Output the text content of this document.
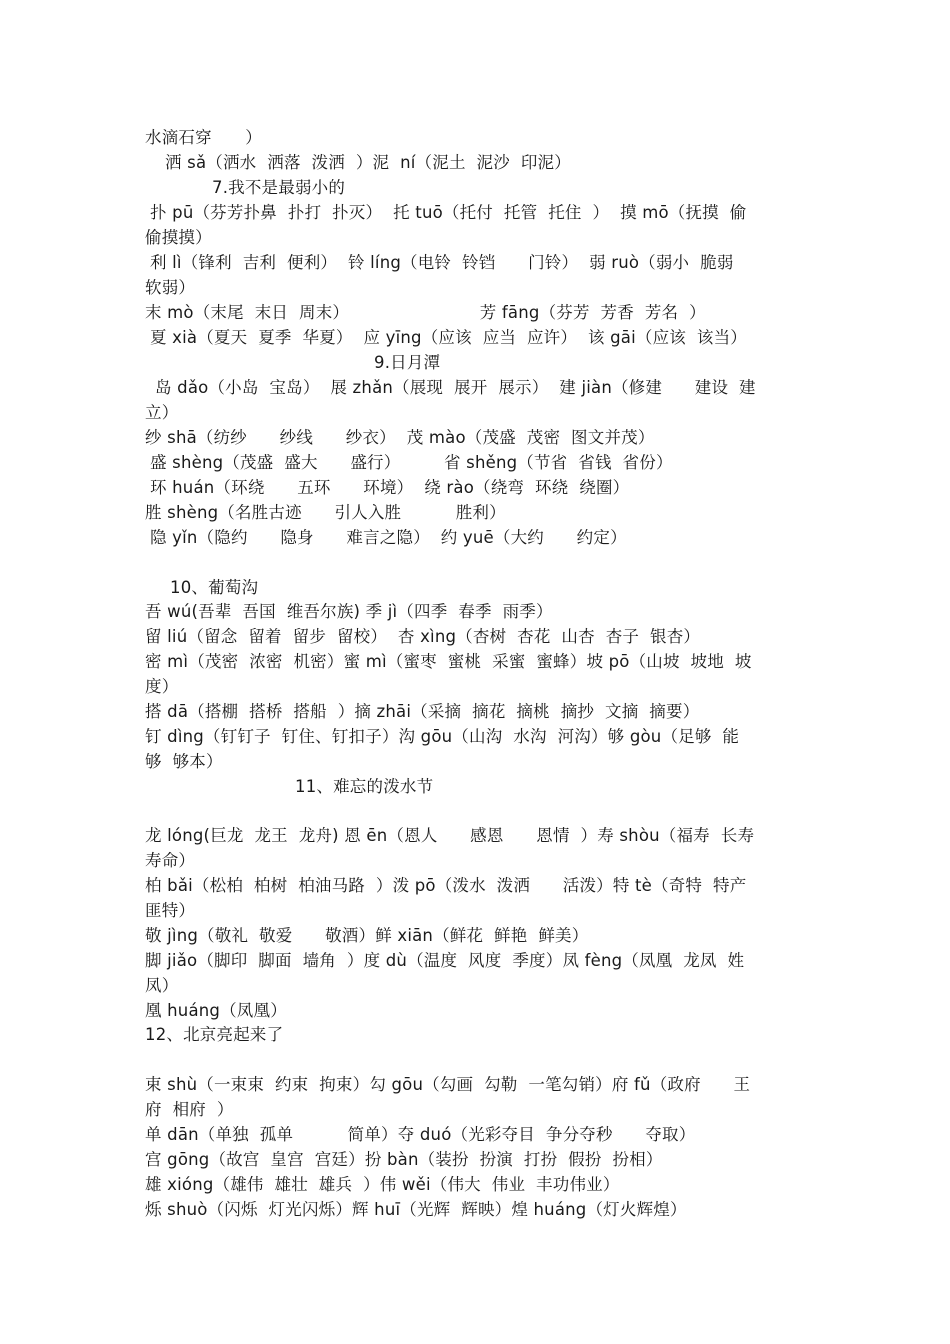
水滴石穿　　）
洒 sǎ（洒水  洒落  泼洒  ）泥  ní（泥土  泥沙  印泥）
7.我不是最弱小的
扑 pū（芬芳扑鼻  扑打  扑灭）  托 tuō（托付  托管  托住  ）  摸 mō（抚摸  偷
偷摸摸）
利 lì（锋利  吉利  便利）  铃 líng（电铃  铃铛      门铃）  弱 ruò（弱小  脆弱
软弱）
末 mò（末尾  末日  周末）                        芳 fāng（芬芳  芳香  芳名  ）
夏 xià（夏天  夏季  华夏）  应 yīng（应该  应当  应许）  该 gāi（应该  该当）
9.日月潭
岛 dǎo（小岛  宝岛）  展 zhǎn（展现  展开  展示）  建 jiàn（修建      建设  建
立）
纱 shā（纺纱      纱线      纱衣）  茂 mào（茂盛  茂密  图文并茂）
盛 shèng（茂盛  盛大      盛行）        省 shěng（节省  省钱  省份）
环 huán（环绕      五环      环境）  绕 rào（绕弯  环绕  绕圈）
胜 shèng（名胜古迹      引人入胜          胜利）
隐 yǐn（隐约      隐身      难言之隐）  约 yuē（大约      约定）
10、葡萄沟
吾 wú(吾辈  吾国  维吾尔族) 季 jì（四季  春季  雨季）
留 liú（留念  留着  留步  留校）  杏 xìng（杏树  杏花  山杏  杏子  银杏）
密 mì（茂密  浓密  机密）蜜 mì（蜜枣  蜜桃  采蜜  蜜蜂）坡 pō（山坡  坡地  坡
度）
搭 dā（搭棚  搭桥  搭船  ）摘 zhāi（采摘  摘花  摘桃  摘抄  文摘  摘要）
钉 dìng（钉钉子  钉住、钉扣子）沟 gōu（山沟  水沟  河沟）够 gòu（足够  能
够  够本）
11、难忘的泼水节
龙 lóng(巨龙  龙王  龙舟) 恩 ēn（恩人      感恩      恩情  ）寿 shòu（福寿  长寿
寿命）
柏 bǎi（松柏  柏树  柏油马路  ）泼 pō（泼水  泼洒      活泼）特 tè（奇特  特产
匪特）
敬 jìng（敬礼  敬爱      敬酒）鲜 xiān（鲜花  鲜艳  鲜美）
脚 jiǎo（脚印  脚面  墙角  ）度 dù（温度  风度  季度）凤 fèng（凤凰  龙凤  姓
凤）
凰 huáng（凤凰）
12、北京亮起来了
束 shù（一束束  约束  拘束）勾 gōu（勾画  勾勒  一笔勾销）府 fǔ（政府      王
府  相府  ）
单 dān（单独  孤单          简单）夺 duó（光彩夺目  争分夺秒      夺取）
宫 gōng（故宫  皇宫  宫廷）扮 bàn（装扮  扮演  打扮  假扮  扮相）
雄 xióng（雄伟  雄壮  雄兵  ）伟 wěi（伟大  伟业  丰功伟业）
烁 shuò（闪烁  灯光闪烁）辉 huī（光辉  辉映）煌 huáng（灯火辉煌）
